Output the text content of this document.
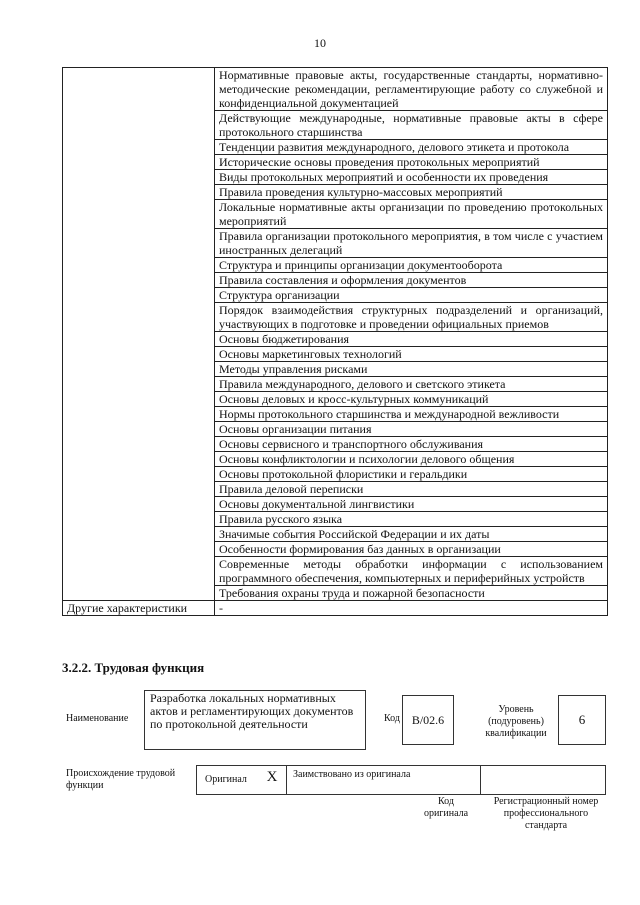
10
	Нормативные правовые акты, государственные стандарты, нормативно-методические рекомендации, регламентирующие работу со служебной и конфиденциальной документацией
	Действующие международные, нормативные правовые акты в сфере протокольного старшинства
	Тенденции развития международного, делового этикета и протокола
	Исторические основы проведения протокольных мероприятий
	Виды протокольных мероприятий и особенности их проведения
	Правила проведения культурно-массовых мероприятий
	Локальные нормативные акты организации по проведению протокольных мероприятий
	Правила организации протокольного мероприятия, в том числе с участием иностранных делегаций
	Структура и принципы организации документооборота
	Правила составления и оформления документов
	Структура организации
	Порядок взаимодействия структурных подразделений и организаций, участвующих в подготовке и проведении официальных приемов
	Основы бюджетирования
	Основы маркетинговых технологий
	Методы управления рисками
	Правила международного, делового и светского этикета
	Основы деловых и кросс-культурных коммуникаций
	Нормы протокольного старшинства и международной вежливости
	Основы организации питания
	Основы сервисного и транспортного обслуживания
	Основы конфликтологии и психологии делового общения
	Основы протокольной флористики и геральдики
	Правила деловой переписки
	Основы документальной лингвистики
	Правила русского языка
	Значимые события Российской Федерации и их даты
	Особенности формирования баз данных в организации
	Современные методы обработки информации с использованием программного обеспечения, компьютерных и периферийных устройств
	Требования охраны труда и пожарной безопасности
Другие характеристики	-
3.2.2. Трудовая функция
Наименование
Разработка локальных нормативных актов и регламентирующих документов по протокольной деятельности	Код B/02.6
Уровень (подуровень) квалификации
6
Происхождение трудовой функции
Оригинал	X	Заимствовано из оригинала
Код оригинала
Регистрационный номер профессионального стандарта
